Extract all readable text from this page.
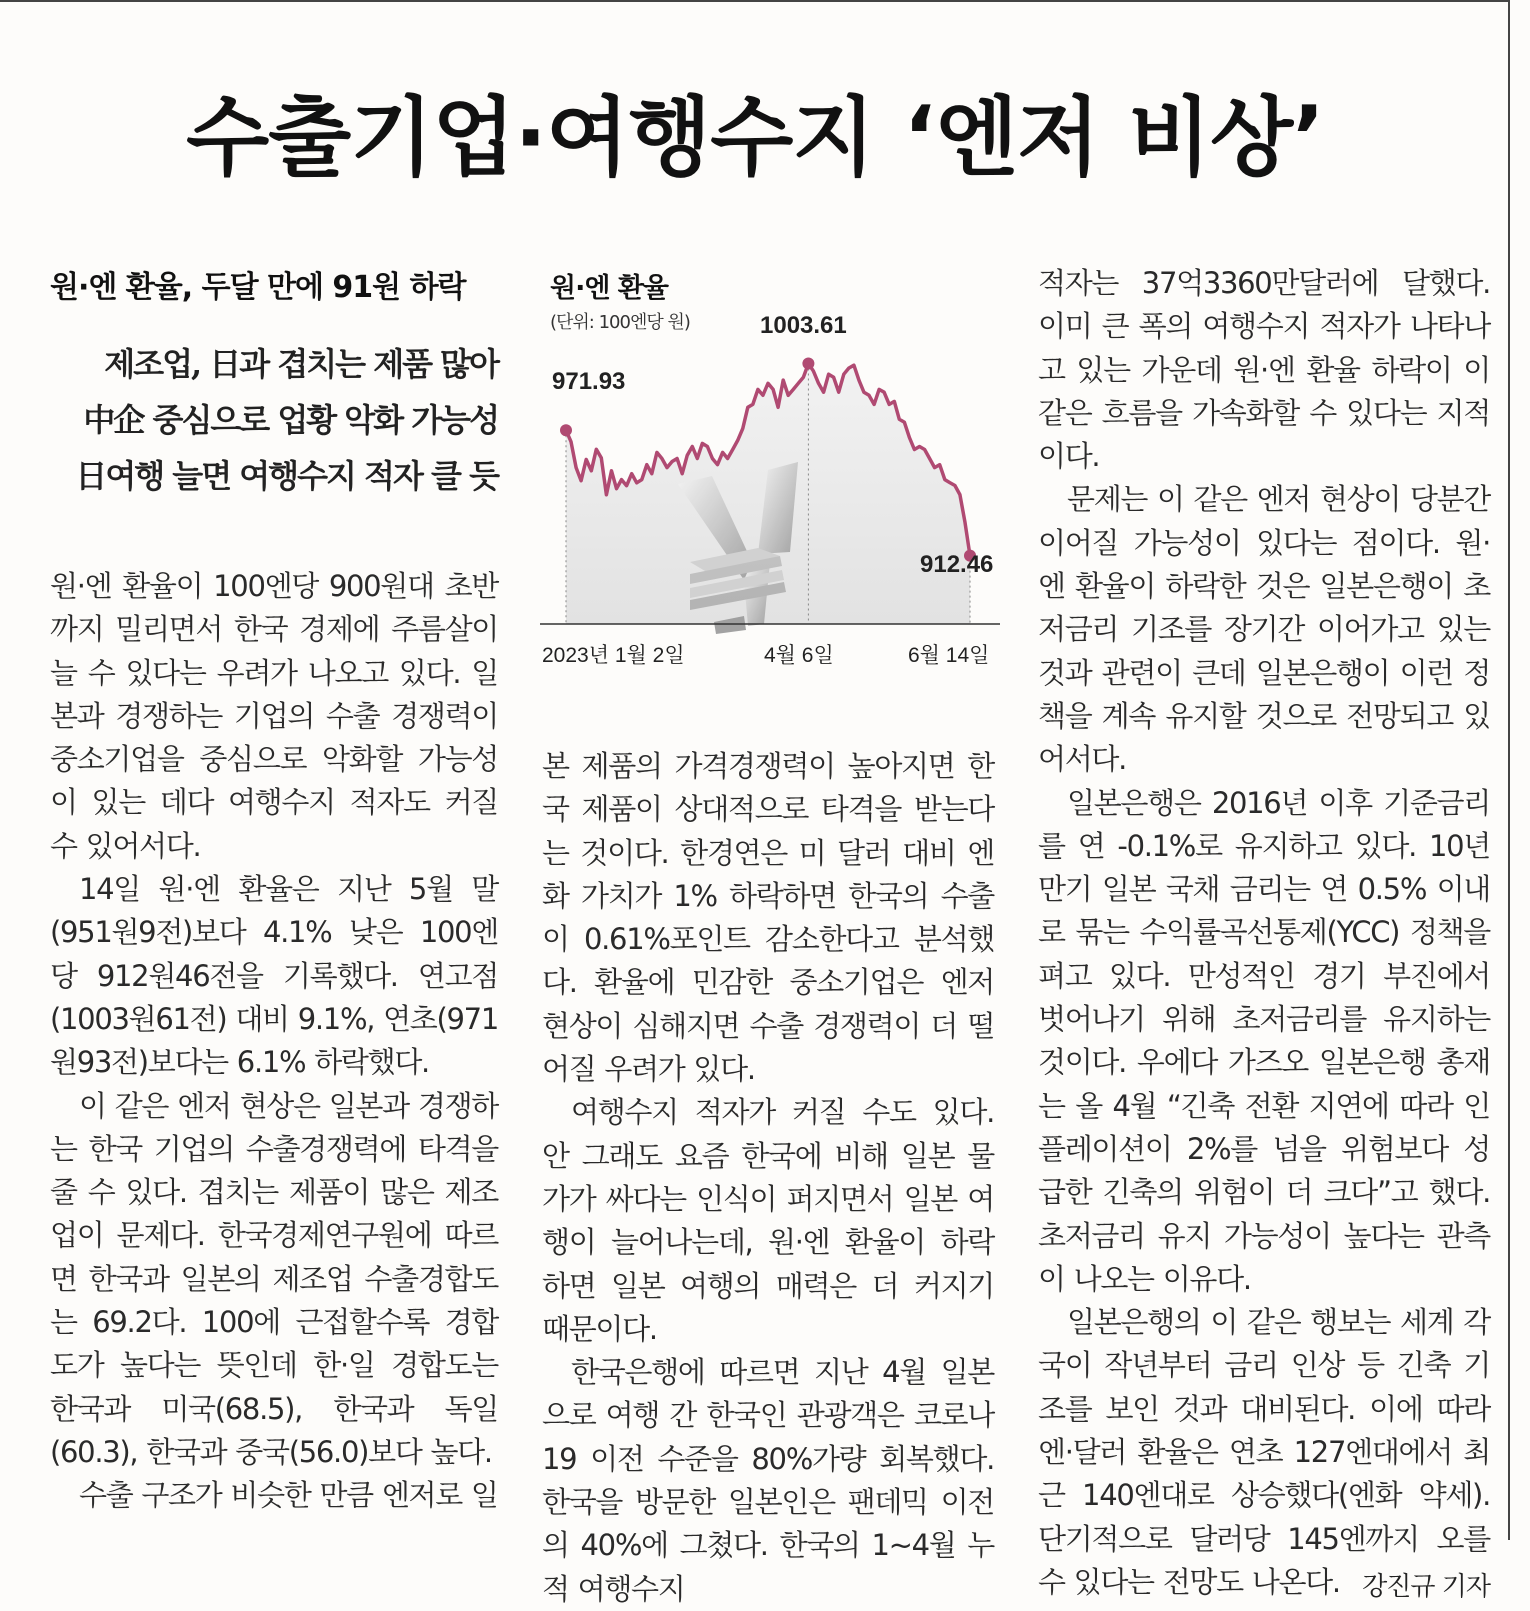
수출기업·여행수지 ‘엔저 비상’
원·엔 환율, 두달 만에 91원 하락
제조업, 日과 겹치는 제품 많아
中企 중심으로 업황 악화 가능성
日여행 늘면 여행수지 적자 클 듯
원·엔 환율
(단위: 100엔당 원)
971.93
1003.61
912.46
2023년 1월 2일	4월 6일	6월 14일

원·엔 환율이 100엔당 900원대 초반까지 밀리면서 한국 경제에 주름살이 늘 수 있다는 우려가 나오고 있다. 일본과 경쟁하는 기업의 수출 경쟁력이 중소기업을 중심으로 악화할 가능성이 있는 데다 여행수지 적자도 커질 수 있어서다.

14일 원·엔 환율은 지난 5월 말(951원9전)보다 4.1% 낮은 100엔당 912원46전을 기록했다. 연고점(1003원61전) 대비 9.1%, 연초(971원93전)보다는 6.1% 하락했다.

이 같은 엔저 현상은 일본과 경쟁하는 한국 기업의 수출경쟁력에 타격을 줄 수 있다. 겹치는 제품이 많은 제조업이 문제다. 한국경제연구원에 따르면 한국과 일본의 제조업 수출경합도는 69.2다. 100에 근접할수록 경합도가 높다는 뜻인데 한·일 경합도는 한국과 미국(68.5), 한국과 독일(60.3), 한국과 중국(56.0)보다 높다.

수출 구조가 비슷한 만큼 엔저로 일

본 제품의 가격경쟁력이 높아지면 한국 제품이 상대적으로 타격을 받는다는 것이다. 한경연은 미 달러 대비 엔화 가치가 1% 하락하면 한국의 수출이 0.61%포인트 감소한다고 분석했다. 환율에 민감한 중소기업은 엔저 현상이 심해지면 수출 경쟁력이 더 떨어질 우려가 있다.

여행수지 적자가 커질 수도 있다. 안 그래도 요즘 한국에 비해 일본 물가가 싸다는 인식이 퍼지면서 일본 여행이 늘어나는데, 원·엔 환율이 하락하면 일본 여행의 매력은 더 커지기 때문이다.

한국은행에 따르면 지난 4월 일본으로 여행 간 한국인 관광객은 코로나19 이전 수준을 80%가량 회복했다. 한국을 방문한 일본인은 팬데믹 이전의 40%에 그쳤다. 한국의 1~4월 누적 여행수지

적자는 37억3360만달러에 달했다. 이미 큰 폭의 여행수지 적자가 나타나고 있는 가운데 원·엔 환율 하락이 이 같은 흐름을 가속화할 수 있다는 지적이다.

문제는 이 같은 엔저 현상이 당분간 이어질 가능성이 있다는 점이다. 원·엔 환율이 하락한 것은 일본은행이 초저금리 기조를 장기간 이어가고 있는 것과 관련이 큰데 일본은행이 이런 정책을 계속 유지할 것으로 전망되고 있어서다.

일본은행은 2016년 이후 기준금리를 연 -0.1%로 유지하고 있다. 10년 만기 일본 국채 금리는 연 0.5% 이내로 묶는 수익률곡선통제(YCC) 정책을 펴고 있다. 만성적인 경기 부진에서 벗어나기 위해 초저금리를 유지하는 것이다. 우에다 가즈오 일본은행 총재는 올 4월 “긴축 전환 지연에 따라 인플레이션이 2%를 넘을 위험보다 성급한 긴축의 위험이 더 크다”고 했다. 초저금리 유지 가능성이 높다는 관측이 나오는 이유다.

일본은행의 이 같은 행보는 세계 각국이 작년부터 금리 인상 등 긴축 기조를 보인 것과 대비된다. 이에 따라 엔·달러 환율은 연초 127엔대에서 최근 140엔대로 상승했다(엔화 약세). 단기적으로 달러당 145엔까지 오를 수 있다는 전망도 나온다. 강진규 기자
